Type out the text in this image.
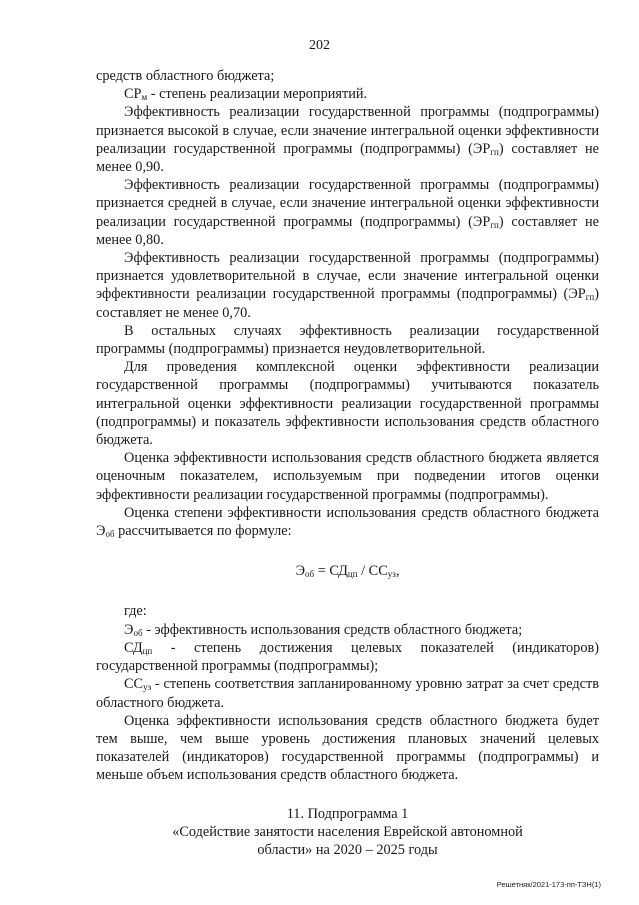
202

средств областного бюджета;

$СР_м$ - степень реализации мероприятий.

Эффективность реализации государственной программы (подпрограммы) признается высокой в случае, если значение интегральной оценки эффективности реализации государственной программы (подпрограммы) $(ЭР_{гп})$ составляет не менее 0,90.

Эффективность реализации государственной программы (подпрограммы) признается средней в случае, если значение интегральной оценки эффективности реализации государственной программы (подпрограммы) $(ЭР_{гп})$ составляет не менее 0,80.

Эффективность реализации государственной программы (подпрограммы) признается удовлетворительной в случае, если значение интегральной оценки эффективности реализации государственной программы (подпрограммы) $(ЭР_{гп})$ составляет не менее 0,70.

В остальных случаях эффективность реализации государственной программы (подпрограммы) признается неудовлетворительной.

Для проведения комплексной оценки эффективности реализации государственной программы (подпрограммы) учитываются показатель интегральной оценки эффективности реализации государственной программы (подпрограммы) и показатель эффективности использования средств областного бюджета.

Оценка эффективности использования средств областного бюджета является оценочным показателем, используемым при подведении итогов оценки эффективности реализации государственной программы (подпрограммы).

Оценка степени эффективности использования средств областного бюджета $Э_{об}$ рассчитывается по формуле:

$Э_{об} = СД_{цп} / СС_{уз}$,

где:

$Э_{об}$ - эффективность использования средств областного бюджета;

$СД_{цп}$ - степень достижения целевых показателей (индикаторов) государственной программы (подпрограммы);

$СС_{уз}$ - степень соответствия запланированному уровню затрат за счет средств областного бюджета.

Оценка эффективности использования средств областного бюджета будет тем выше, чем выше уровень достижения плановых значений целевых показателей (индикаторов) государственной программы (подпрограммы) и меньше объем использования средств областного бюджета.

11. Подпрограмма 1

«Содействие занятости населения Еврейской автономной

области» на 2020 – 2025 годы

Решетняк/2021-173-пп-ТЗН(1)
